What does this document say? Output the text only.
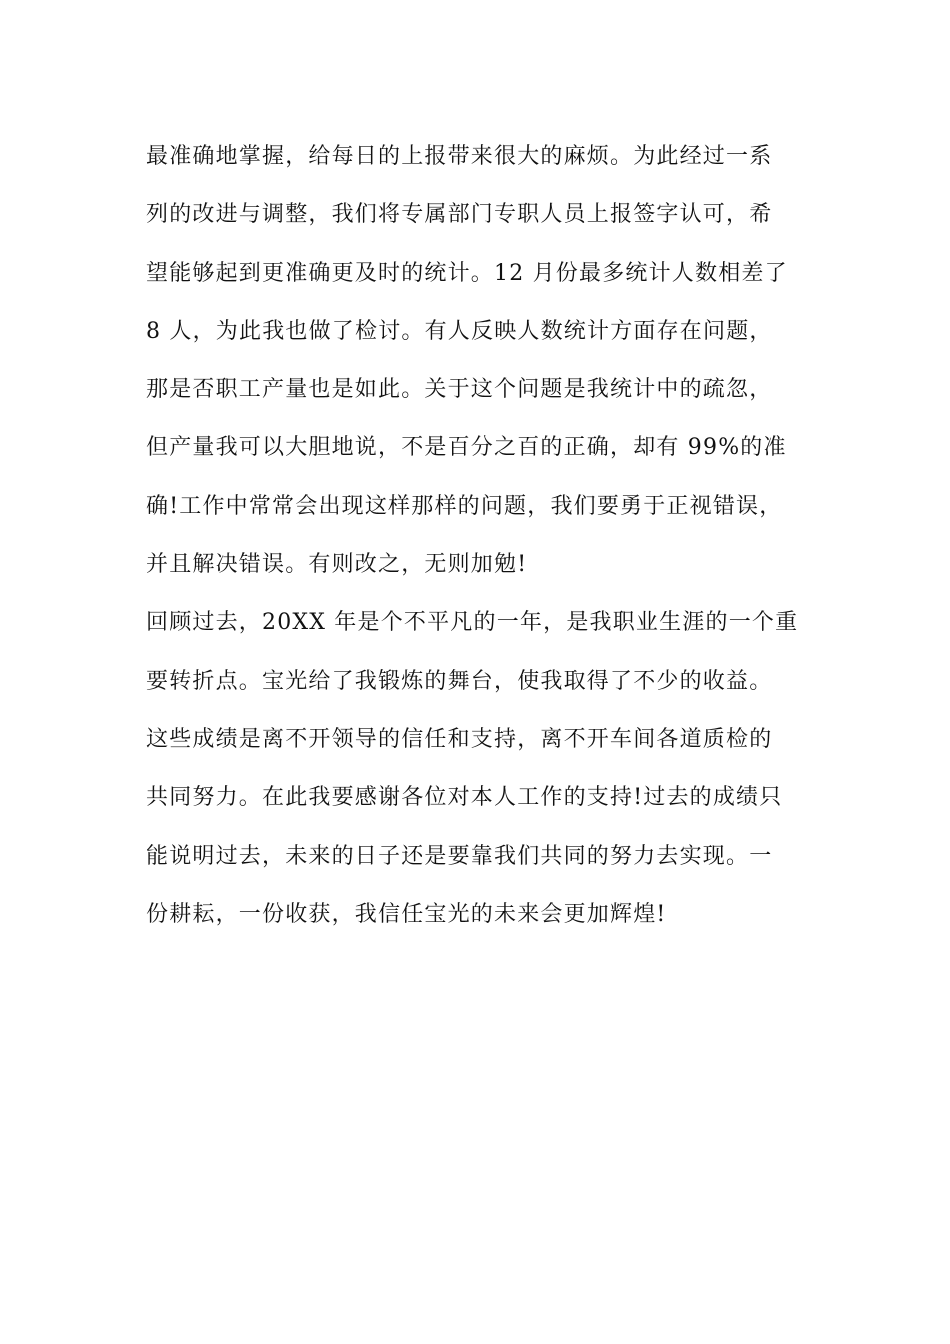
最准确地掌握，给每日的上报带来很大的麻烦。为此经过一系
列的改进与调整，我们将专属部门专职人员上报签字认可，希
望能够起到更准确更及时的统计。12 月份最多统计人数相差了
8 人，为此我也做了检讨。有人反映人数统计方面存在问题，
那是否职工产量也是如此。关于这个问题是我统计中的疏忽，
但产量我可以大胆地说，不是百分之百的正确，却有 99%的准
确!工作中常常会出现这样那样的问题，我们要勇于正视错误，
并且解决错误。有则改之，无则加勉!
回顾过去，20XX 年是个不平凡的一年，是我职业生涯的一个重
要转折点。宝光给了我锻炼的舞台，使我取得了不少的收益。
这些成绩是离不开领导的信任和支持，离不开车间各道质检的
共同努力。在此我要感谢各位对本人工作的支持!过去的成绩只
能说明过去，未来的日子还是要靠我们共同的努力去实现。一
份耕耘，一份收获，我信任宝光的未来会更加辉煌!
